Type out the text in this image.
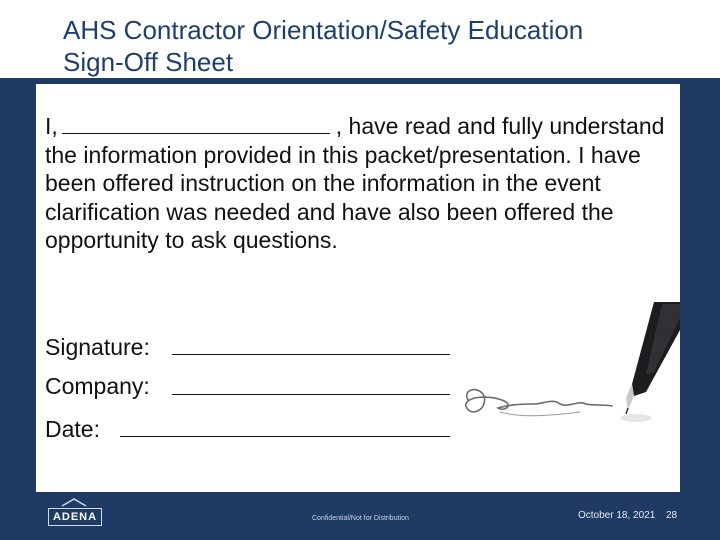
AHS Contractor Orientation/Safety Education
Sign-Off Sheet
I,	, have read and fully understand the information provided in this packet/presentation. I have been offered instruction on the information in the event clarification was needed and have also been offered the opportunity to ask questions.
Signature:
Company:
Date:
ADENA	Confidential/Not for Distribution	October 18, 2021 28
